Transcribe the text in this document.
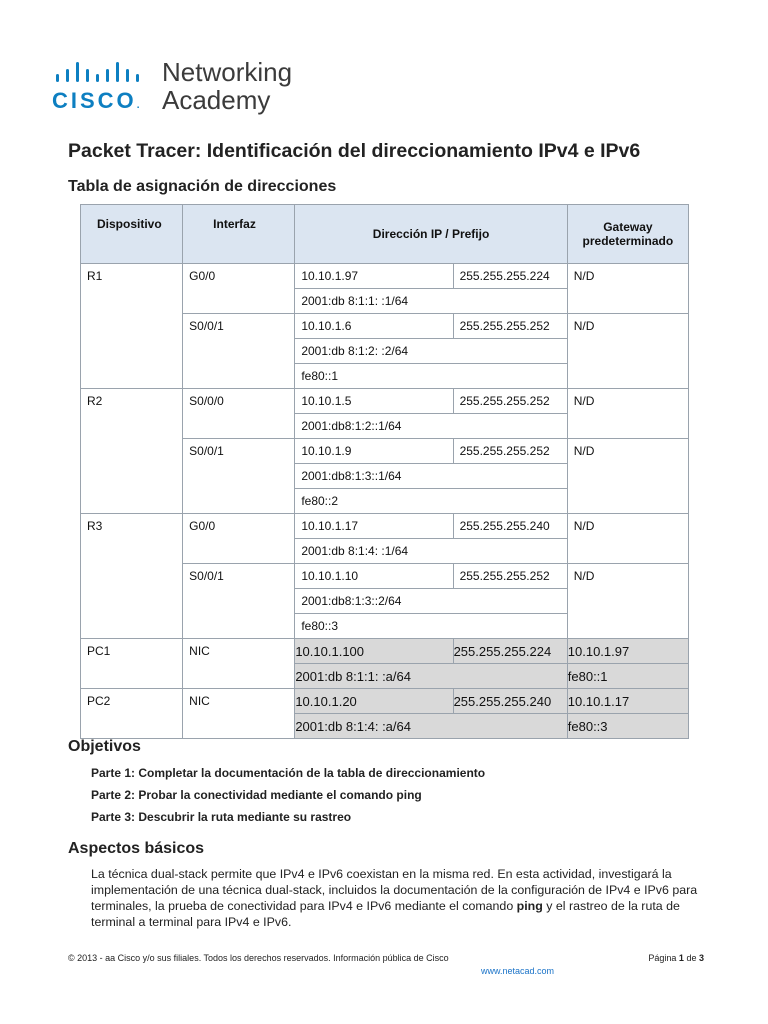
CISCO.
Networking
Academy
Packet Tracer: Identificación del direccionamiento IPv4 e IPv6
Tabla de asignación de direcciones
Dispositivo	Interfaz	Dirección IP / Prefijo		Gateway predeterminado
R1	G0/0	10.10.1.97	255.255.255.224	N/D
		2001:db 8:1:1: :1/64		
	S0/0/1	10.10.1.6	255.255.255.252	N/D
		2001:db 8:1:2: :2/64		
		fe80::1		
R2	S0/0/0	10.10.1.5	255.255.255.252	N/D
		2001:db8:1:2::1/64		
	S0/0/1	10.10.1.9	255.255.255.252	N/D
		2001:db8:1:3::1/64		
		fe80::2		
R3	G0/0	10.10.1.17	255.255.255.240	N/D
		2001:db 8:1:4: :1/64		
	S0/0/1	10.10.1.10	255.255.255.252	N/D
		2001:db8:1:3::2/64		
		fe80::3		
PC1	NIC	10.10.1.100	255.255.255.224	10.10.1.97
		2001:db 8:1:1: :a/64		fe80::1
PC2	NIC	10.10.1.20	255.255.255.240	10.10.1.17
		2001:db 8:1:4: :a/64		fe80::3
Objetivos
Parte 1: Completar la documentación de la tabla de direccionamiento
Parte 2: Probar la conectividad mediante el comando ping
Parte 3: Descubrir la ruta mediante su rastreo
Aspectos básicos
La técnica dual-stack permite que IPv4 e IPv6 coexistan en la misma red. En esta actividad, investigará la implementación de una técnica dual-stack, incluidos la documentación de la configuración de IPv4 e IPv6 para terminales, la prueba de conectividad para IPv4 e IPv6 mediante el comando ping y el rastreo de la ruta de terminal a terminal para IPv4 e IPv6.
© 2013 - aa Cisco y/o sus filiales. Todos los derechos reservados. Información pública de Cisco	Página 1 de 3
www.netacad.com
